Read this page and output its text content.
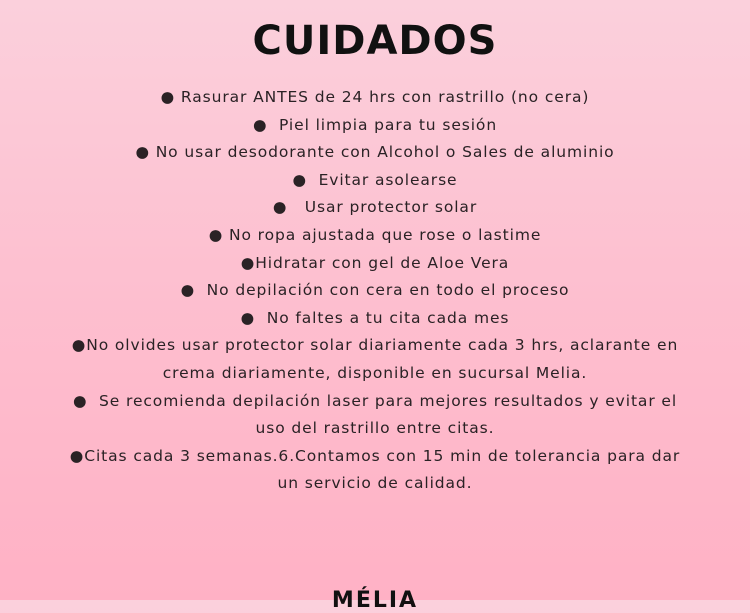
CUIDADOS
● Rasurar ANTES de 24 hrs con rastrillo (no cera)
●  Piel limpia para tu sesión
● No usar desodorante con Alcohol o Sales de aluminio
●  Evitar asolearse
●   Usar protector solar
● No ropa ajustada que rose o lastime
●Hidratar con gel de Aloe Vera
●  No depilación con cera en todo el proceso
●  No faltes a tu cita cada mes
●No olvides usar protector solar diariamente cada 3 hrs, aclarante en
crema diariamente, disponible en sucursal Melia.
●  Se recomienda depilación laser para mejores resultados y evitar el
uso del rastrillo entre citas.
●Citas cada 3 semanas.6.Contamos con 15 min de tolerancia para dar
un servicio de calidad.
MÉLIA
